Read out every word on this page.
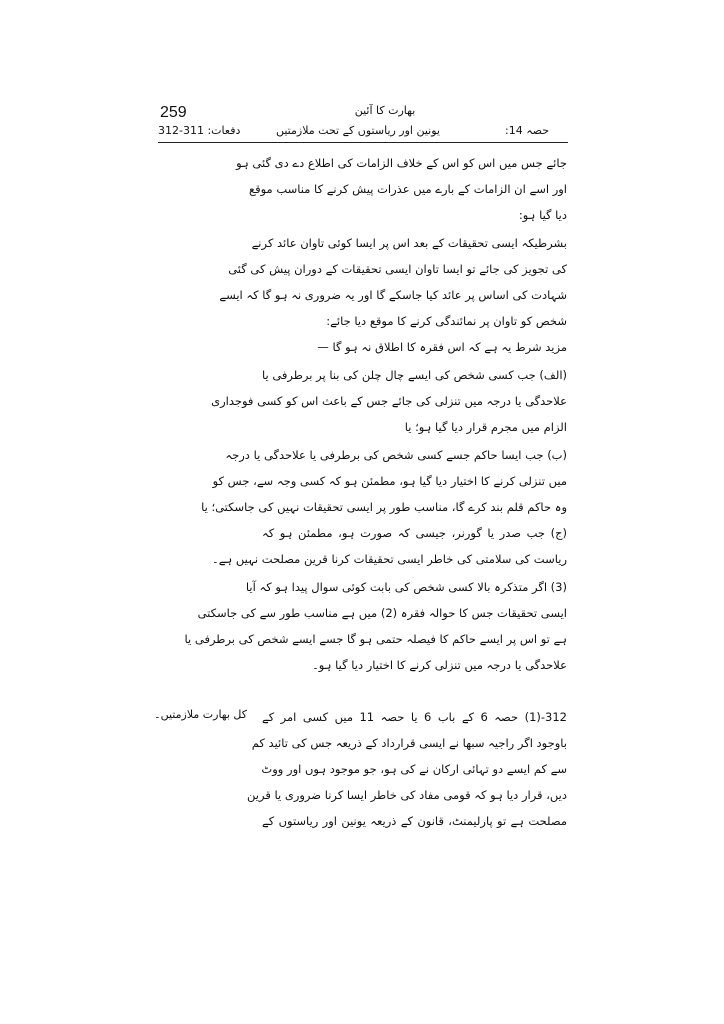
259
دفعات: 311-312
بھارت کا آئین
یونین اور ریاستوں کے تحت ملازمتیں	حصہ 14:
جائے جس میں اس کو اس کے خلاف الزامات کی اطلاع دے دی گئی ہو
اور اسے ان الزامات کے بارے میں عذرات پیش کرنے کا مناسب موقع
دیا گیا ہو:
بشرطیکہ ایسی تحقیقات کے بعد اس پر ایسا کوئی تاوان عائد کرنے
کی تجویز کی جائے تو ایسا تاوان ایسی تحقیقات کے دوران پیش کی گئی
شہادت کی اساس پر عائد کیا جاسکے گا اور یہ ضروری نہ ہو گا کہ ایسے
شخص کو تاوان پر نمائندگی کرنے کا موقع دیا جائے:
مزید شرط یہ ہے کہ اس فقرہ کا اطلاق نہ ہو گا —
(الف) جب کسی شخص کی ایسے چال چلن کی بنا پر برطرفی یا
علاحدگی یا درجہ میں تنزلی کی جائے جس کے باعث اس کو کسی فوجداری
الزام میں مجرم قرار دیا گیا ہو؛ یا
(ب) جب ایسا حاکم جسے کسی شخص کی برطرفی یا علاحدگی یا درجہ
میں تنزلی کرنے کا اختیار دیا گیا ہو، مطمئن ہو کہ کسی وجہ سے، جس کو
وہ حاکم قلم بند کرے گا، مناسب طور پر ایسی تحقیقات نہیں کی جاسکتی؛ یا
(ج) جب صدر یا گورنر، جیسی کہ صورت ہو، مطمئن ہو کہ
ریاست کی سلامتی کی خاطر ایسی تحقیقات کرنا قرین مصلحت نہیں ہے۔
(3) اگر متذکرہ بالا کسی شخص کی بابت کوئی سوال پیدا ہو کہ آیا
ایسی تحقیقات جس کا حوالہ فقرہ (2) میں ہے مناسب طور سے کی جاسکتی
ہے تو اس پر ایسے حاکم کا فیصلہ حتمی ہو گا جسے ایسے شخص کی برطرفی یا
علاحدگی یا درجہ میں تنزلی کرنے کا اختیار دیا گیا ہو۔
312-(1) حصہ 6 کے باب 6 یا حصہ 11 میں کسی امر کے
باوجود اگر راجیہ سبھا نے ایسی قرارداد کے ذریعہ جس کی تائید کم
سے کم ایسے دو تہائی ارکان نے کی ہو، جو موجود ہوں اور ووٹ
دیں، قرار دیا ہو کہ قومی مفاد کی خاطر ایسا کرنا ضروری یا قرین
مصلحت ہے تو پارلیمنٹ، قانون کے ذریعہ یونین اور ریاستوں کے
کل بھارت ملازمتیں۔
